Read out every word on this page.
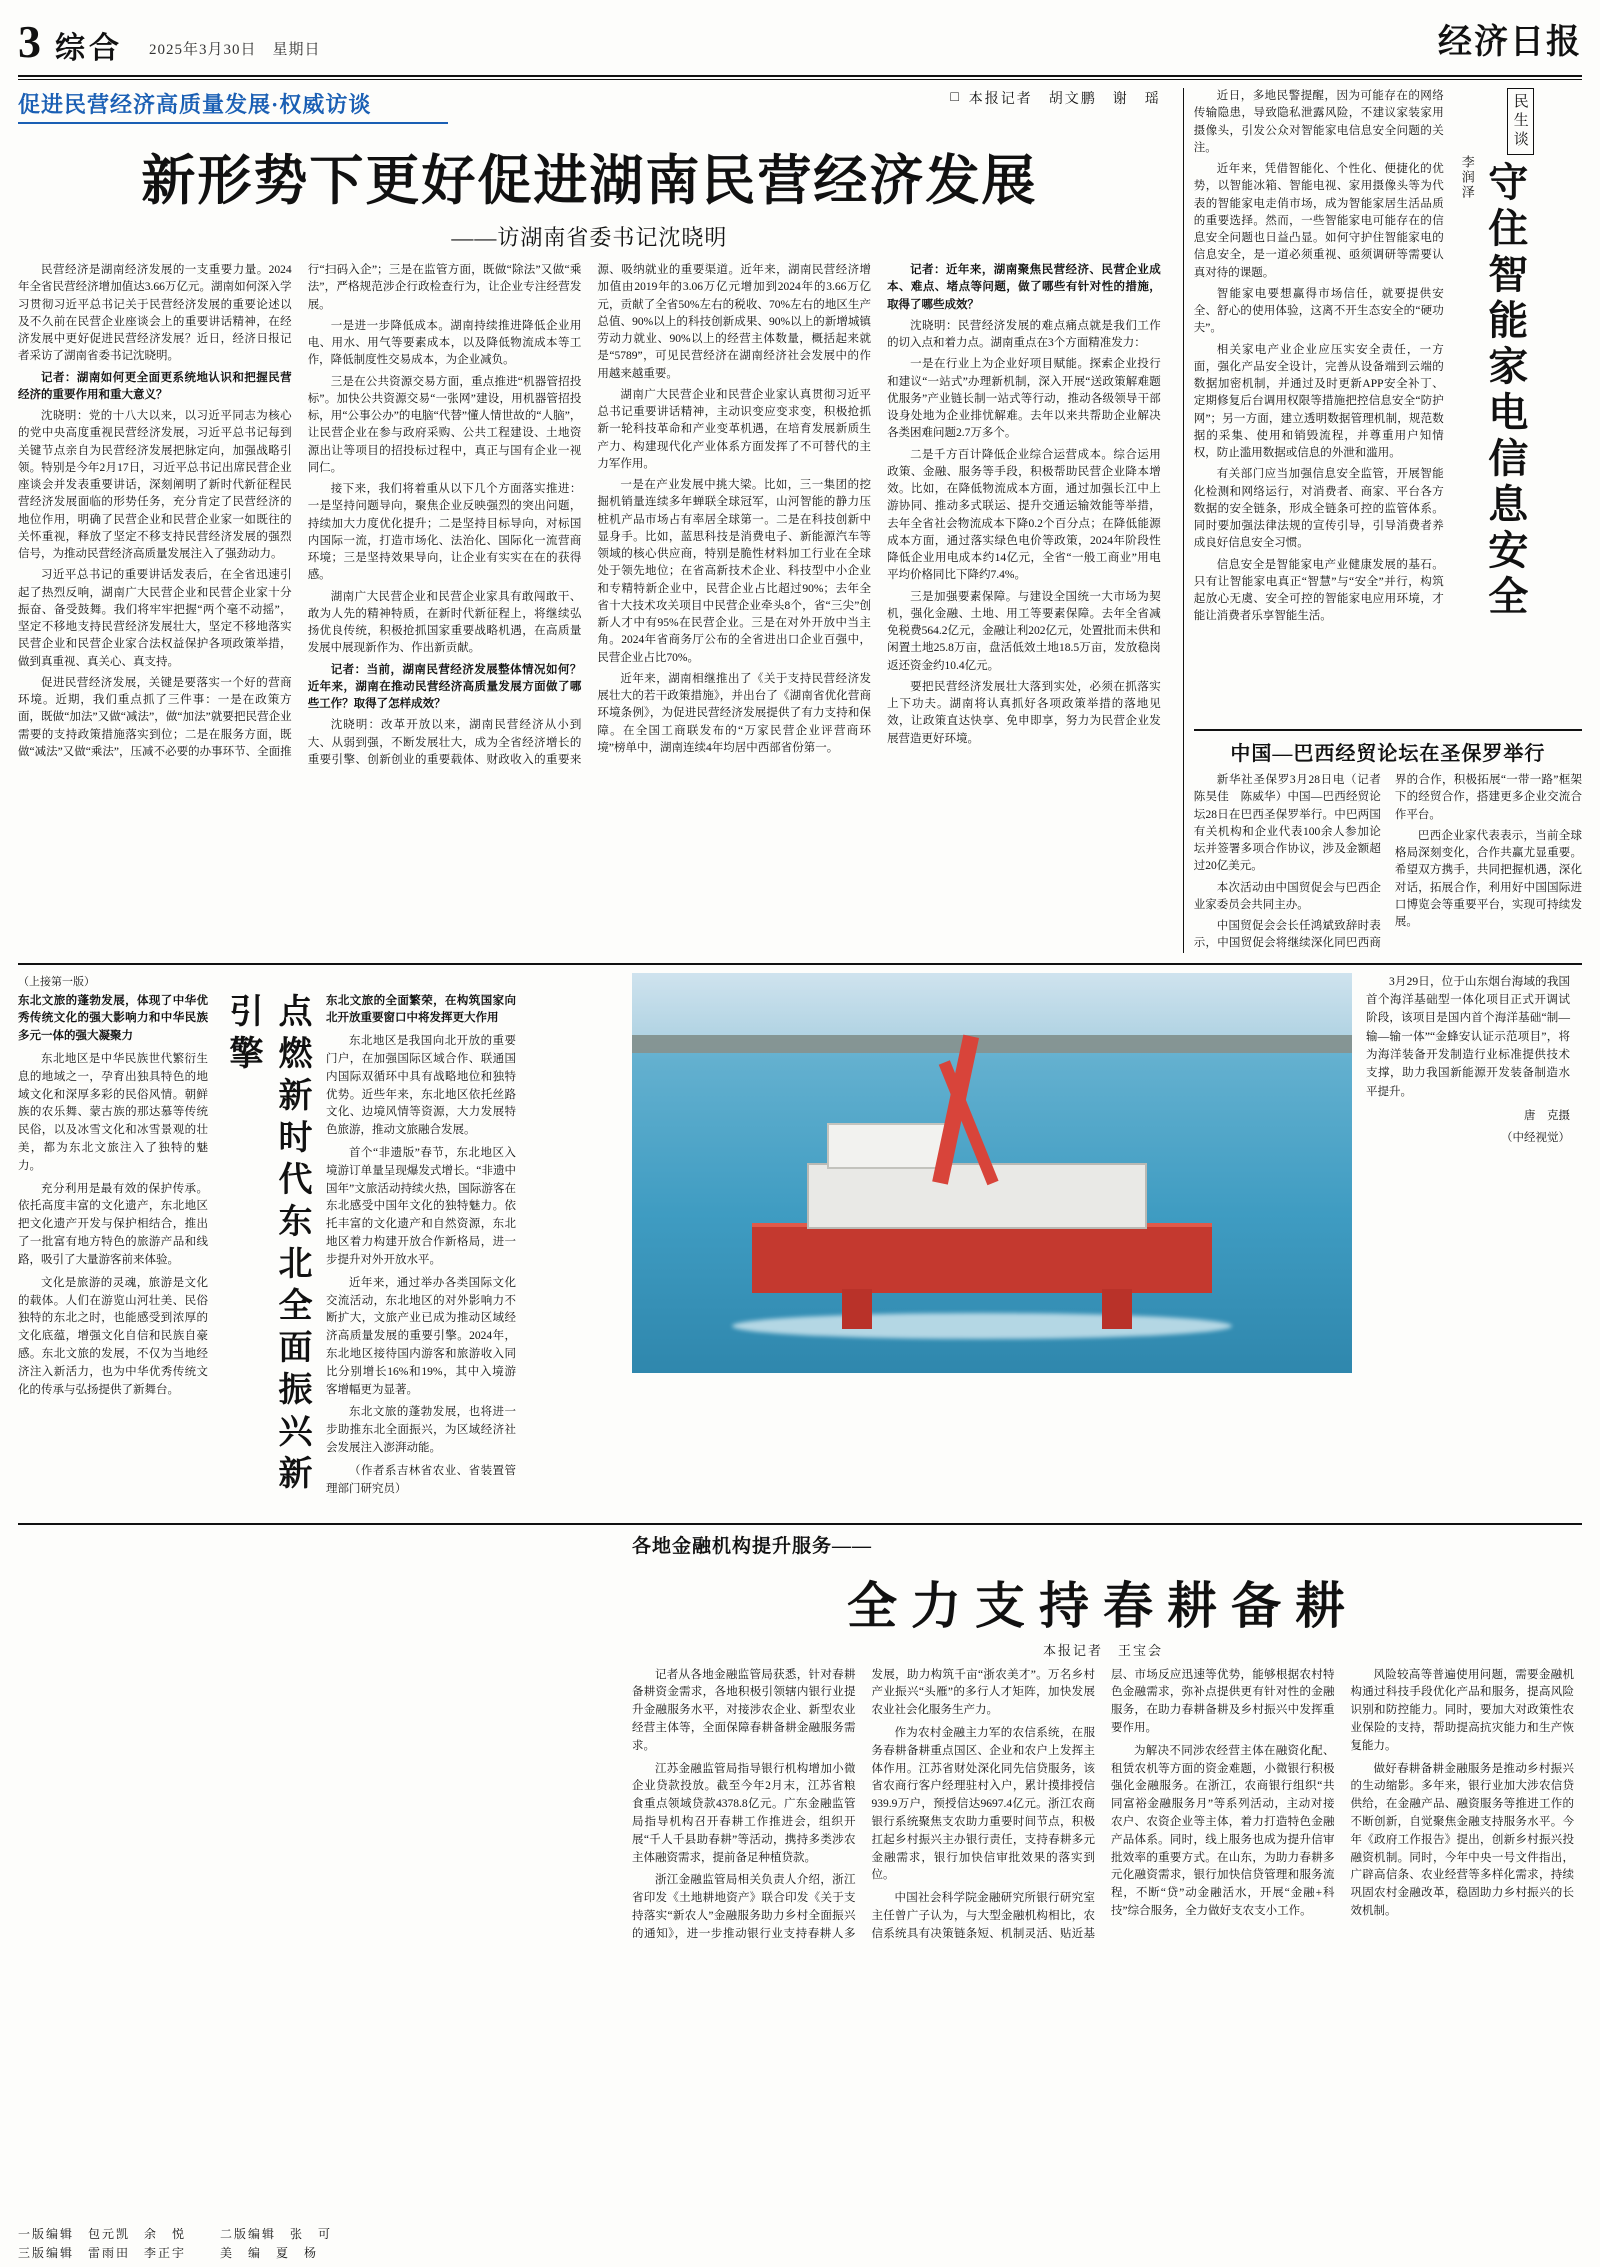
3 综合 2025年3月30日　星期日	经济日报
促进民营经济高质量发展·权威访谈	□ 本报记者　胡文鹏　谢　瑶
新形势下更好促进湖南民营经济发展
——访湖南省委书记沈晓明

民营经济是湖南经济发展的一支重要力量。2024年全省民营经济增加值达3.66万亿元。湖南如何深入学习贯彻习近平总书记关于民营经济发展的重要论述以及不久前在民营企业座谈会上的重要讲话精神，在经济发展中更好促进民营经济发展？近日，经济日报记者采访了湖南省委书记沈晓明。

记者：湖南如何更全面更系统地认识和把握民营经济的重要作用和重大意义？

沈晓明：党的十八大以来，以习近平同志为核心的党中央高度重视民营经济发展，习近平总书记每到关键节点亲自为民营经济发展把脉定向，加强战略引领。特别是今年2月17日，习近平总书记出席民营企业座谈会并发表重要讲话，深刻阐明了新时代新征程民营经济发展面临的形势任务，充分肯定了民营经济的地位作用，明确了民营企业和民营企业家一如既往的关怀重视，释放了坚定不移支持民营经济发展的强烈信号，为推动民营经济高质量发展注入了强劲动力。

习近平总书记的重要讲话发表后，在全省迅速引起了热烈反响，湖南广大民营企业和民营企业家十分振奋、备受鼓舞。我们将牢牢把握“两个毫不动摇”，坚定不移地支持民营经济发展壮大，坚定不移地落实民营企业和民营企业家合法权益保护各项政策举措，做到真重视、真关心、真支持。

促进民营经济发展，关键是要落实一个好的营商环境。近期，我们重点抓了三件事：一是在政策方面，既做“加法”又做“减法”，做“加法”就要把民营企业需要的支持政策措施落实到位；二是在服务方面，既做“减法”又做“乘法”，压减不必要的办事环节、全面推行“扫码入企”；三是在监管方面，既做“除法”又做“乘法”，严格规范涉企行政检查行为，让企业专注经营发展。

一是进一步降低成本。湖南持续推进降低企业用电、用水、用气等要素成本，以及降低物流成本等工作，降低制度性交易成本，为企业减负。

三是在公共资源交易方面，重点推进“机器管招投标”。加快公共资源交易“一张网”建设，用机器管招投标，用“公事公办”的电脑“代替”懂人情世故的“人脑”，让民营企业在参与政府采购、公共工程建设、土地资源出让等项目的招投标过程中，真正与国有企业一视同仁。

接下来，我们将着重从以下几个方面落实推进：一是坚持问题导向，聚焦企业反映强烈的突出问题，持续加大力度优化提升；二是坚持目标导向，对标国内国际一流，打造市场化、法治化、国际化一流营商环境；三是坚持效果导向，让企业有实实在在的获得感。

湖南广大民营企业和民营企业家具有敢闯敢干、敢为人先的精神特质，在新时代新征程上，将继续弘扬优良传统，积极抢抓国家重要战略机遇，在高质量发展中展现新作为、作出新贡献。

记者：当前，湖南民营经济发展整体情况如何？近年来，湖南在推动民营经济高质量发展方面做了哪些工作？取得了怎样成效？

沈晓明：改革开放以来，湖南民营经济从小到大、从弱到强，不断发展壮大，成为全省经济增长的重要引擎、创新创业的重要载体、财政收入的重要来源、吸纳就业的重要渠道。近年来，湖南民营经济增加值由2019年的3.06万亿元增加到2024年的3.66万亿元，贡献了全省50%左右的税收、70%左右的地区生产总值、90%以上的科技创新成果、90%以上的新增城镇劳动力就业、90%以上的经营主体数量，概括起来就是“5789”，可见民营经济在湖南经济社会发展中的作用越来越重要。

湖南广大民营企业和民营企业家认真贯彻习近平总书记重要讲话精神，主动识变应变求变，积极抢抓新一轮科技革命和产业变革机遇，在培育发展新质生产力、构建现代化产业体系方面发挥了不可替代的主力军作用。

一是在产业发展中挑大梁。比如，三一集团的挖掘机销量连续多年蝉联全球冠军，山河智能的静力压桩机产品市场占有率居全球第一。二是在科技创新中显身手。比如，蓝思科技是消费电子、新能源汽车等领域的核心供应商，特别是脆性材料加工行业在全球处于领先地位；在省高新技术企业、科技型中小企业和专精特新企业中，民营企业占比超过90%；去年全省十大技术攻关项目中民营企业牵头8个，省“三尖”创新人才中有95%在民营企业。三是在对外开放中当主角。2024年省商务厅公布的全省进出口企业百强中，民营企业占比70%。

近年来，湖南相继推出了《关于支持民营经济发展壮大的若干政策措施》，并出台了《湖南省优化营商环境条例》，为促进民营经济发展提供了有力支持和保障。在全国工商联发布的“万家民营企业评营商环境”榜单中，湖南连续4年均居中西部省份第一。

记者：近年来，湖南聚焦民营经济、民营企业成本、难点、堵点等问题，做了哪些有针对性的措施，取得了哪些成效？

沈晓明：民营经济发展的难点痛点就是我们工作的切入点和着力点。湖南重点在3个方面精准发力：

一是在行业上为企业好项目赋能。探索企业投行和建议“一站式”办理新机制，深入开展“送政策解难题优服务”产业链长制一站式等行动，推动各级领导干部设身处地为企业排忧解难。去年以来共帮助企业解决各类困难问题2.7万多个。

二是千方百计降低企业综合运营成本。综合运用政策、金融、服务等手段，积极帮助民营企业降本增效。比如，在降低物流成本方面，通过加强长江中上游协同、推动多式联运、提升交通运输效能等举措，去年全省社会物流成本下降0.2个百分点；在降低能源成本方面，通过落实绿色电价等政策，2024年阶段性降低企业用电成本约14亿元，全省“一般工商业”用电平均价格同比下降约7.4%。

三是加强要素保障。与建设全国统一大市场为契机，强化金融、土地、用工等要素保障。去年全省减免税费564.2亿元，金融让利202亿元，处置批而未供和闲置土地25.8万亩，盘活低效土地18.5万亩，发放稳岗返还资金约10.4亿元。

要把民营经济发展壮大落到实处，必须在抓落实上下功夫。湖南将认真抓好各项政策举措的落地见效，让政策直达快享、免申即享，努力为民营企业发展营造更好环境。

近日，多地民警提醒，因为可能存在的网络传输隐患，导致隐私泄露风险，不建议家装家用摄像头，引发公众对智能家电信息安全问题的关注。

近年来，凭借智能化、个性化、便捷化的优势，以智能冰箱、智能电视、家用摄像头等为代表的智能家电走俏市场，成为智能家居生活品质的重要选择。然而，一些智能家电可能存在的信息安全问题也日益凸显。如何守护住智能家电的信息安全，是一道必须重视、亟须调研等需要认真对待的课题。

智能家电要想赢得市场信任，就要提供安全、舒心的使用体验，这离不开生态安全的“硬功夫”。

相关家电产业企业应压实安全责任，一方面，强化产品安全设计，完善从设备端到云端的数据加密机制，并通过及时更新APP安全补丁、定期修复后台调用权限等措施把控信息安全“防护网”；另一方面，建立透明数据管理机制，规范数据的采集、使用和销毁流程，并尊重用户知情权，防止滥用数据或信息的外泄和滥用。

有关部门应当加强信息安全监管，开展智能化检测和网络运行，对消费者、商家、平台各方数据的安全链条，形成全链条可控的监管体系。同时要加强法律法规的宣传引导，引导消费者养成良好信息安全习惯。

信息安全是智能家电产业健康发展的基石。只有让智能家电真正“智慧”与“安全”并行，构筑起放心无虞、安全可控的智能家电应用环境，才能让消费者乐享智能生活。

民生谈
李润泽 守住智能家电信息安全
中国—巴西经贸论坛在圣保罗举行

新华社圣保罗3月28日电（记者陈昊佳　陈威华）中国—巴西经贸论坛28日在巴西圣保罗举行。中巴两国有关机构和企业代表100余人参加论坛并签署多项合作协议，涉及金额超过20亿美元。

本次活动由中国贸促会与巴西企业家委员会共同主办。

中国贸促会会长任鸿斌致辞时表示，中国贸促会将继续深化同巴西商界的合作，积极拓展“一带一路”框架下的经贸合作，搭建更多企业交流合作平台。

巴西企业家代表表示，当前全球格局深刻变化，合作共赢尤显重要。希望双方携手，共同把握机遇，深化对话，拓展合作，利用好中国国际进口博览会等重要平台，实现可持续发展。

（上接第一版）

东北文旅的蓬勃发展，体现了中华优秀传统文化的强大影响力和中华民族多元一体的强大凝聚力

东北地区是中华民族世代繁衍生息的地域之一，孕育出独具特色的地域文化和深厚多彩的民俗风情。朝鲜族的农乐舞、蒙古族的那达慕等传统民俗，以及冰雪文化和冰雪景观的壮美，都为东北文旅注入了独特的魅力。

充分利用是最有效的保护传承。依托高度丰富的文化遗产，东北地区把文化遗产开发与保护相结合，推出了一批富有地方特色的旅游产品和线路，吸引了大量游客前来体验。

文化是旅游的灵魂，旅游是文化的载体。人们在游览山河壮美、民俗独特的东北之时，也能感受到浓厚的文化底蕴，增强文化自信和民族自豪感。东北文旅的发展，不仅为当地经济注入新活力，也为中华优秀传统文化的传承与弘扬提供了新舞台。	点燃新时代东北全面振兴新引擎	东北文旅的全面繁荣，在构筑国家向北开放重要窗口中将发挥更大作用

东北地区是我国向北开放的重要门户，在加强国际区域合作、联通国内国际双循环中具有战略地位和独特优势。近些年来，东北地区依托丝路文化、边境风情等资源，大力发展特色旅游，推动文旅融合发展。

首个“非遗版”春节，东北地区入境游订单量呈现爆发式增长。“非遗中国年”文旅活动持续火热，国际游客在东北感受中国年文化的独特魅力。依托丰富的文化遗产和自然资源，东北地区着力构建开放合作新格局，进一步提升对外开放水平。

近年来，通过举办各类国际文化交流活动，东北地区的对外影响力不断扩大，文旅产业已成为推动区域经济高质量发展的重要引擎。2024年，东北地区接待国内游客和旅游收入同比分别增长16%和19%，其中入境游客增幅更为显著。

东北文旅的蓬勃发展，也将进一步助推东北全面振兴，为区域经济社会发展注入澎湃动能。

（作者系吉林省农业、省装置管理部门研究员）

3月29日，位于山东烟台海域的我国首个海洋基础型一体化项目正式开调试阶段，该项目是国内首个海洋基础“制—输—输一体”“金蜂安认证示范项目”，将为海洋装备开发制造行业标准提供技术支撑，助力我国新能源开发装备制造水平提升。

唐　克摄
（中经视觉）
各地金融机构提升服务——
全力支持春耕备耕
本报记者　王宝会

记者从各地金融监管局获悉，针对春耕备耕资金需求，各地积极引领辖内银行业提升金融服务水平，对接涉农企业、新型农业经营主体等，全面保障春耕备耕金融服务需求。

江苏金融监管局指导银行机构增加小微企业贷款投放。截至今年2月末，江苏省粮食重点领域贷款4378.8亿元。广东金融监管局指导机构召开春耕工作推进会，组织开展“千人千县助春耕”等活动，携持多类涉农主体融资需求，提前备足种植贷款。

浙江金融监管局相关负责人介绍，浙江省印发《土地耕地资产》联合印发《关于支持落实“新农人”金融服务助力乡村全面振兴的通知》，进一步推动银行业支持春耕人多发展，助力构筑千亩“浙农美才”。万名乡村产业振兴“头雁”的多行人才矩阵，加快发展农业社会化服务生产力。

作为农村金融主力军的农信系统，在服务春耕备耕重点国区、企业和农户上发挥主体作用。江苏省财处深化同先信贷服务，该省农商行客户经理驻村入户，累计摸排授信939.9万户，预授信达9697.4亿元。浙江农商银行系统聚焦支农助力重要时间节点，积极扛起乡村振兴主办银行责任，支持春耕多元金融需求，银行加快信审批效果的落实到位。

中国社会科学院金融研究所银行研究室主任曾广子认为，与大型金融机构相比，农信系统具有决策链条短、机制灵活、贴近基层、市场反应迅速等优势，能够根据农村特色金融需求，弥补点提供更有针对性的金融服务，在助力春耕备耕及乡村振兴中发挥重要作用。

为解决不同涉农经营主体在融资化配、租赁农机等方面的资金难题，小微银行积极强化金融服务。在浙江，农商银行组织“共同富裕金融服务月”等系列活动，主动对接农户、农资企业等主体，着力打造特色金融产品体系。同时，线上服务也成为提升信审批效率的重要方式。在山东，为助力春耕多元化融资需求，银行加快信贷管理和服务流程，不断“贷”动金融活水，开展“金融+科技”综合服务，全力做好支农支小工作。

风险较高等普遍使用问题，需要金融机构通过科技手段优化产品和服务，提高风险识别和防控能力。同时，要加大对政策性农业保险的支持，帮助提高抗灾能力和生产恢复能力。

做好春耕备耕金融服务是推动乡村振兴的生动缩影。多年来，银行业加大涉农信贷供给，在金融产品、融资服务等推进工作的不断创新，自觉聚焦金融支持服务水平。今年《政府工作报告》提出，创新乡村振兴投融资机制。同时，今年中央一号文件指出，广辟高信条、农业经营等多样化需求，持续巩固农村金融改革，稳固助力乡村振兴的长效机制。

一版编辑　包元凯　余　悦	二版编辑　张　可
三版编辑　雷雨田　李正宇	美　编　夏　杨
